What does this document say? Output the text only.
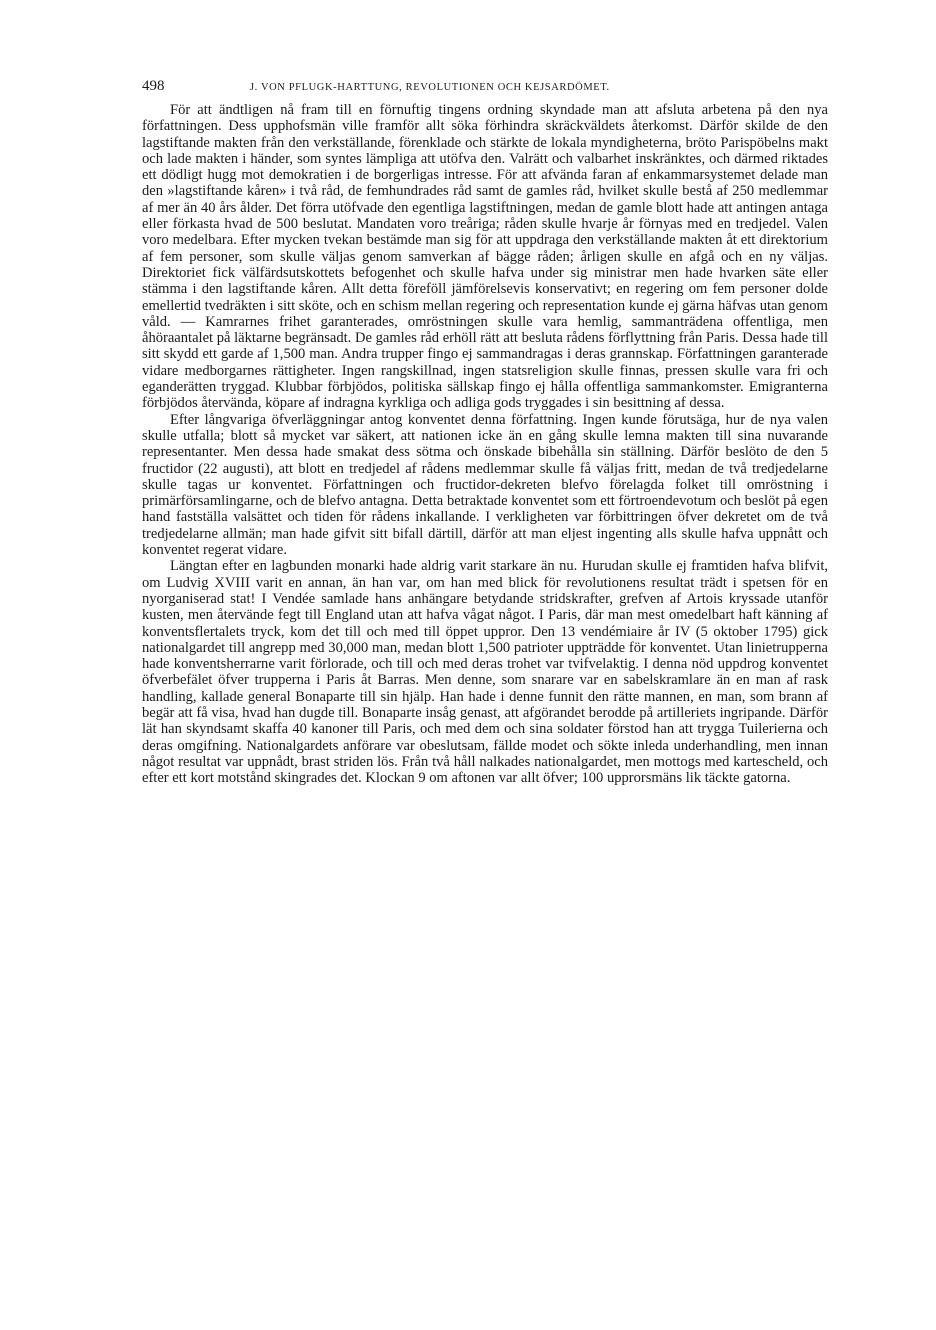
498	J. VON PFLUGK-HARTTUNG, REVOLUTIONEN OCH KEJSARDÖMET.

För att ändtligen nå fram till en förnuftig tingens ordning skyndade man att afsluta arbetena på den nya författningen. Dess upphofsmän ville framför allt söka förhindra skräckväldets återkomst. Därför skilde de den lagstiftande makten från den verkställande, förenklade och stärkte de lokala myndigheterna, bröto Parispöbelns makt och lade makten i händer, som syntes lämpliga att utöfva den. Valrätt och valbarhet inskränktes, och därmed riktades ett dödligt hugg mot demokratien i de borgerligas intresse. För att afvända faran af enkammarsystemet delade man den »lagstiftande kåren» i två råd, de femhundrades råd samt de gamles råd, hvilket skulle bestå af 250 medlemmar af mer än 40 års ålder. Det förra utöfvade den egentliga lagstiftningen, medan de gamle blott hade att antingen antaga eller förkasta hvad de 500 beslutat. Mandaten voro treåriga; råden skulle hvarje år förnyas med en tredjedel. Valen voro medelbara. Efter mycken tvekan bestämde man sig för att uppdraga den verkställande makten åt ett direktorium af fem personer, som skulle väljas genom samverkan af bägge råden; årligen skulle en afgå och en ny väljas. Direktoriet fick välfärdsutskottets befogenhet och skulle hafva under sig ministrar men hade hvarken säte eller stämma i den lagstiftande kåren. Allt detta föreföll jämförelsevis konservativt; en regering om fem personer dolde emellertid tvedräkten i sitt sköte, och en schism mellan regering och representation kunde ej gärna häfvas utan genom våld. — Kamrarnes frihet garanterades, omröstningen skulle vara hemlig, sammanträdena offentliga, men åhöraantalet på läktarne begränsadt. De gamles råd erhöll rätt att besluta rådens förflyttning från Paris. Dessa hade till sitt skydd ett garde af 1,500 man. Andra trupper fingo ej sammandragas i deras grannskap. Författningen garanterade vidare medborgarnes rättigheter. Ingen rangskillnad, ingen statsreligion skulle finnas, pressen skulle vara fri och eganderätten tryggad. Klubbar förbjödos, politiska sällskap fingo ej hålla offentliga sammankomster. Emigranterna förbjödos återvända, köpare af indragna kyrkliga och adliga gods tryggades i sin besittning af dessa.

Efter långvariga öfverläggningar antog konventet denna författning. Ingen kunde förutsäga, hur de nya valen skulle utfalla; blott så mycket var säkert, att nationen icke än en gång skulle lemna makten till sina nuvarande representanter. Men dessa hade smakat dess sötma och önskade bibehålla sin ställning. Därför beslöto de den 5 fructidor (22 augusti), att blott en tredjedel af rådens medlemmar skulle få väljas fritt, medan de två tredjedelarne skulle tagas ur konventet. Författningen och fructidor-dekreten blefvo förelagda folket till omröstning i primärförsamlingarne, och de blefvo antagna. Detta betraktade konventet som ett förtroendevotum och beslöt på egen hand fastställa valsättet och tiden för rådens inkallande. I verkligheten var förbittringen öfver dekretet om de två tredjedelarne allmän; man hade gifvit sitt bifall därtill, därför att man eljest ingenting alls skulle hafva uppnått och konventet regerat vidare.

Längtan efter en lagbunden monarki hade aldrig varit starkare än nu. Hurudan skulle ej framtiden hafva blifvit, om Ludvig XVIII varit en annan, än han var, om han med blick för revolutionens resultat trädt i spetsen för en nyorganiserad stat! I Vendée samlade hans anhängare betydande stridskrafter, grefven af Artois kryssade utanför kusten, men återvände fegt till England utan att hafva vågat något. I Paris, där man mest omedelbart haft känning af konventsflertalets tryck, kom det till och med till öppet uppror. Den 13 vendémiaire år IV (5 oktober 1795) gick nationalgardet till angrepp med 30,000 man, medan blott 1,500 patrioter uppträdde för konventet. Utan linietrupperna hade konventsherrarne varit förlorade, och till och med deras trohet var tvifvelaktig. I denna nöd uppdrog konventet öfverbefälet öfver trupperna i Paris åt Barras. Men denne, som snarare var en sabelskramlare än en man af rask handling, kallade general Bonaparte till sin hjälp. Han hade i denne funnit den rätte mannen, en man, som brann af begär att få visa, hvad han dugde till. Bonaparte insåg genast, att afgörandet berodde på artilleriets ingripande. Därför lät han skyndsamt skaffa 40 kanoner till Paris, och med dem och sina soldater förstod han att trygga Tuilerierna och deras omgifning. Nationalgardets anförare var obeslutsam, fällde modet och sökte inleda underhandling, men innan något resultat var uppnådt, brast striden lös. Från två håll nalkades nationalgardet, men mottogs med kartescheld, och efter ett kort motstånd skingrades det. Klockan 9 om aftonen var allt öfver; 100 upprorsmäns lik täckte gatorna.
